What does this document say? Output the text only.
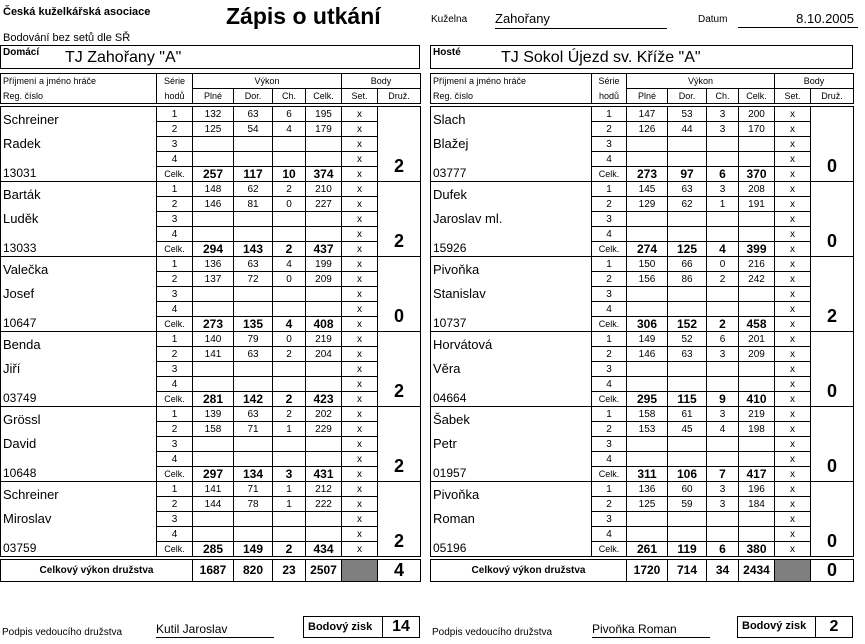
Česká kuželkářská asociace
Bodování bez setů dle SŘ
Zápis o utkání	Kuželna Zahořany	Datum	8.10.2005
Domácí TJ Zahořany "A"	Hosté	TJ Sokol Újezd sv. Kříže "A"
Příjmení a jméno hráče	Série	Výkon				Body	
Reg. číslo	hodů	Plné	Dor.	Ch.	Celk.	Set.	Druž.

Schreiner	1	132	63	6	195	x	
	2	125	54	4	179	x	
Radek	3					x	
	4					x	2
13031	Celk.	257	117	10	374	x	
Barták	1	148	62	2	210	x	
	2	146	81	0	227	x	
Luděk	3					x	
	4					x	2
13033	Celk.	294	143	2	437	x	
Valečka	1	136	63	4	199	x	
	2	137	72	0	209	x	
Josef	3					x	
	4					x	0
10647	Celk.	273	135	4	408	x	
Benda	1	140	79	0	219	x	
	2	141	63	2	204	x	
Jiří	3					x	
	4					x	2
03749	Celk.	281	142	2	423	x	
Grössl	1	139	63	2	202	x	
	2	158	71	1	229	x	
David	3					x	
	4					x	2
10648	Celk.	297	134	3	431	x	
Schreiner	1	141	71	1	212	x	
	2	144	78	1	222	x	
Miroslav	3					x	
	4					x	2
03759	Celk.	285	149	2	434	x	

Celkový výkon družstva		1687	820	23	2507		4
Příjmení a jméno hráče	Série	Výkon				Body	
Reg. číslo	hodů	Plné	Dor.	Ch.	Celk.	Set.	Druž.

Slach	1	147	53	3	200	x	
	2	126	44	3	170	x	
Blažej	3					x	
	4					x	0
03777	Celk.	273	97	6	370	x	
Dufek	1	145	63	3	208	x	
	2	129	62	1	191	x	
Jaroslav ml.	3					x	
	4					x	0
15926	Celk.	274	125	4	399	x	
Pivoňka	1	150	66	0	216	x	
	2	156	86	2	242	x	
Stanislav	3					x	
	4					x	2
10737	Celk.	306	152	2	458	x	
Horvátová	1	149	52	6	201	x	
	2	146	63	3	209	x	
Věra	3					x	
	4					x	0
04664	Celk.	295	115	9	410	x	
Šabek	1	158	61	3	219	x	
	2	153	45	4	198	x	
Petr	3					x	
	4					x	0
01957	Celk.	311	106	7	417	x	
Pivoňka	1	136	60	3	196	x	
	2	125	59	3	184	x	
Roman	3					x	
	4					x	0
05196	Celk.	261	119	6	380	x	

Celkový výkon družstva		1720	714	34	2434		0
Podpis vedoucího družstva	Kutil Jaroslav	Bodový zisk	14	Podpis vedoucího družstva	Pivoňka Roman	Bodový zisk	2
